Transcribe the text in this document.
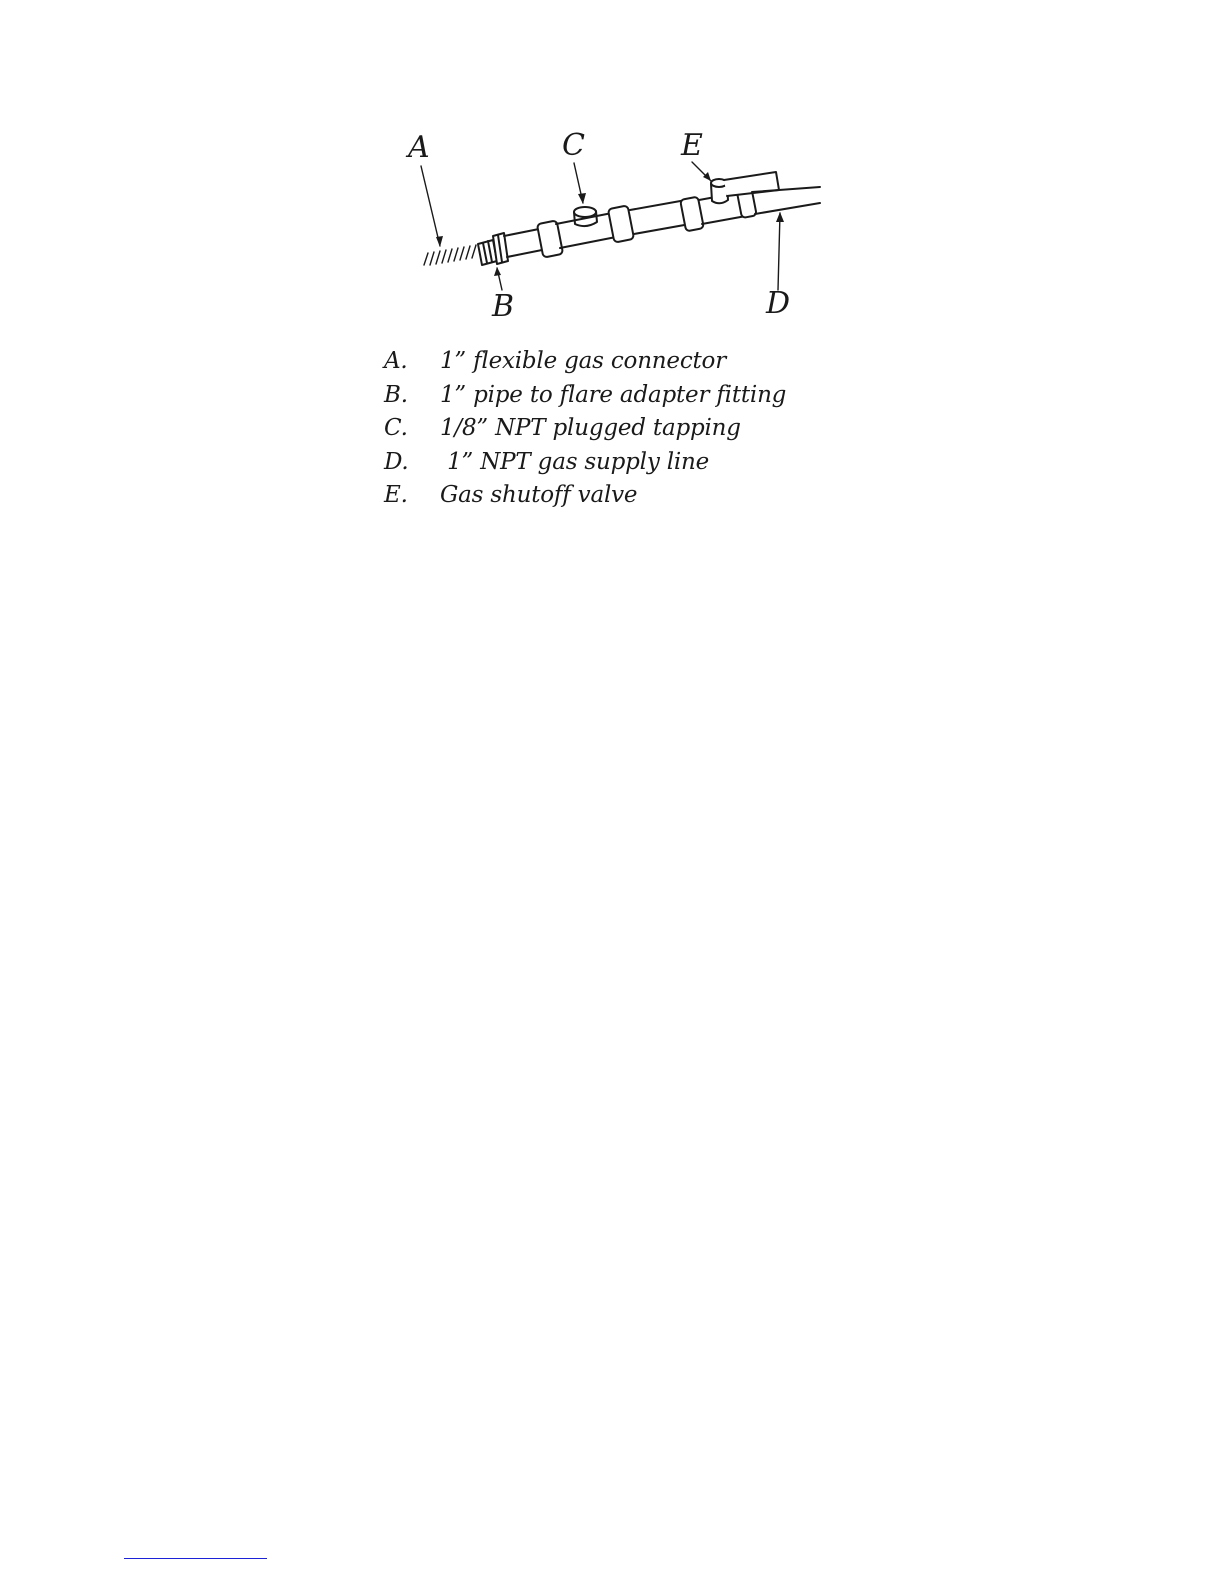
A
B
C
D
E
A.	1” flexible gas connector
B.	1” pipe to flare adapter fitting
C.	1/8” NPT plugged tapping
D.	1” NPT gas supply line
E.	Gas shutoff valve
